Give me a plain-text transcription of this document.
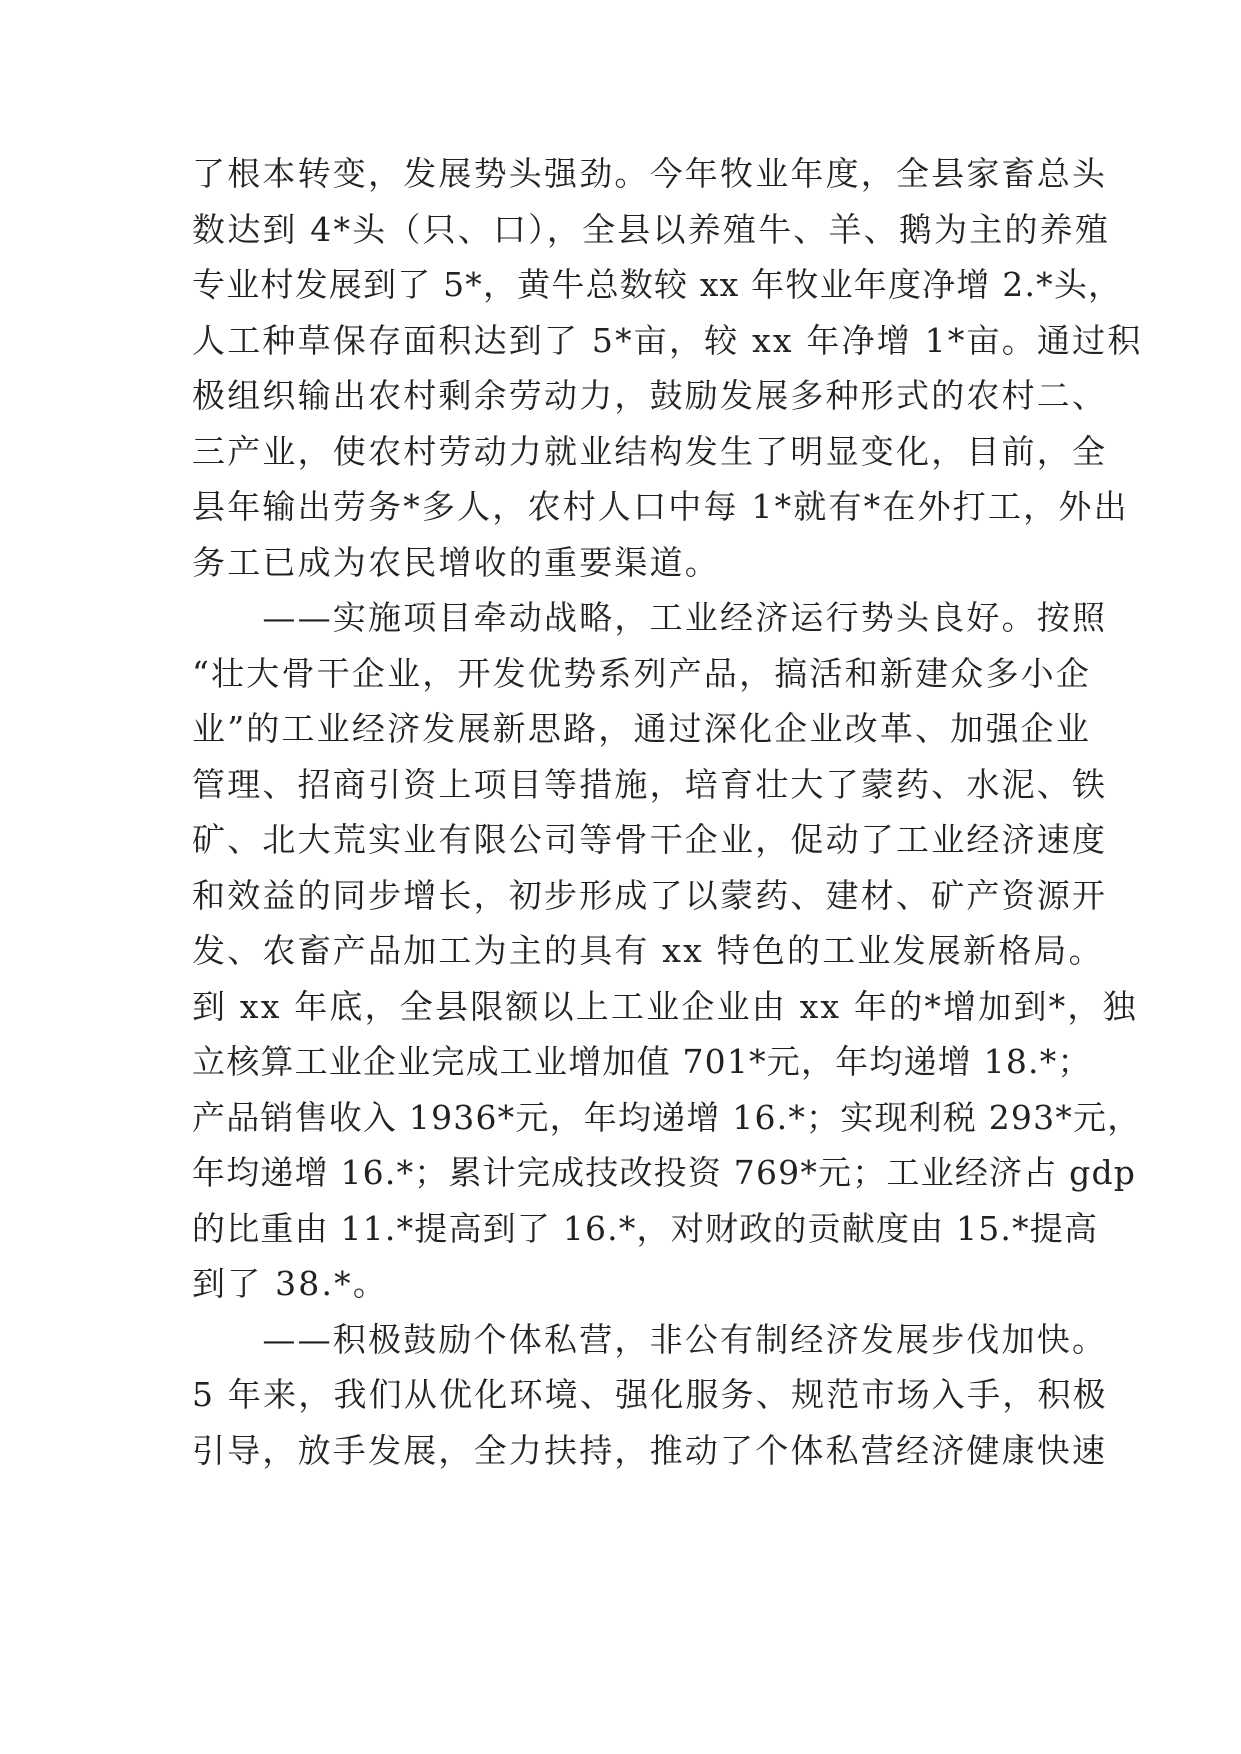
了根本转变，发展势头强劲。今年牧业年度，全县家畜总头
数达到 4*头（只、口），全县以养殖牛、羊、鹅为主的养殖
专业村发展到了 5*，黄牛总数较 xx 年牧业年度净增 2.*头，
人工种草保存面积达到了 5*亩，较 xx 年净增 1*亩。通过积
极组织输出农村剩余劳动力，鼓励发展多种形式的农村二、
三产业，使农村劳动力就业结构发生了明显变化，目前，全
县年输出劳务*多人，农村人口中每 1*就有*在外打工，外出
务工已成为农民增收的重要渠道。
　　——实施项目牵动战略，工业经济运行势头良好。按照
“壮大骨干企业，开发优势系列产品，搞活和新建众多小企
业”的工业经济发展新思路，通过深化企业改革、加强企业
管理、招商引资上项目等措施，培育壮大了蒙药、水泥、铁
矿、北大荒实业有限公司等骨干企业，促动了工业经济速度
和效益的同步增长，初步形成了以蒙药、建材、矿产资源开
发、农畜产品加工为主的具有 xx 特色的工业发展新格局。
到 xx 年底，全县限额以上工业企业由 xx 年的*增加到*，独
立核算工业企业完成工业增加值 701*元，年均递增 18.*；
产品销售收入 1936*元，年均递增 16.*；实现利税 293*元，
年均递增 16.*；累计完成技改投资 769*元；工业经济占 gdp
的比重由 11.*提高到了 16.*，对财政的贡献度由 15.*提高
到了 38.*。
　　——积极鼓励个体私营，非公有制经济发展步伐加快。
5 年来，我们从优化环境、强化服务、规范市场入手，积极
引导，放手发展，全力扶持，推动了个体私营经济健康快速
